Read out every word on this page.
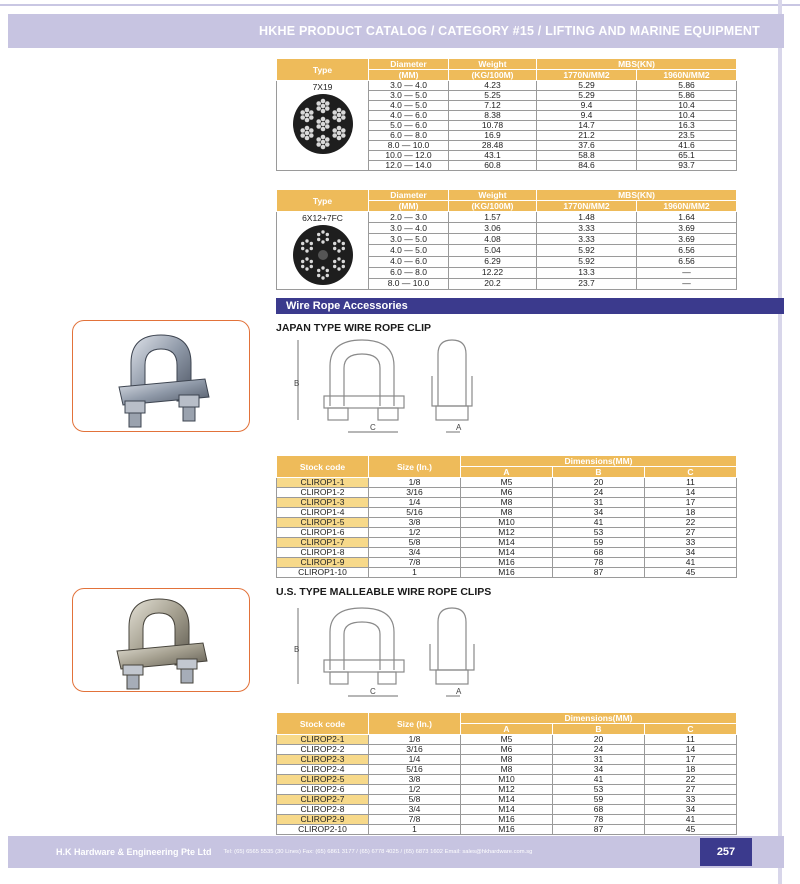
HKHE PRODUCT CATALOG / CATEGORY #15 / LIFTING AND MARINE EQUIPMENT
Type	Diameter	Weight	MBS(KN)	
	(MM)	(KG/100M)	1770N/MM2	1960N/MM2

7X19	3.0 — 4.0	4.23	5.29	5.86
	3.0 — 5.0	5.25	5.29	5.86
	4.0 — 5.0	7.12	9.4	10.4
	4.0 — 6.0	8.38	9.4	10.4
	5.0 — 6.0	10.78	14.7	16.3
	6.0 — 8.0	16.9	21.2	23.5
	8.0 — 10.0	28.48	37.6	41.6
	10.0 — 12.0	43.1	58.8	65.1
	12.0 — 14.0	60.8	84.6	93.7
Type	Diameter	Weight	MBS(KN)	
	(MM)	(KG/100M)	1770N/MM2	1960N/MM2

6X12+7FC	2.0 — 3.0	1.57	1.48	1.64
	3.0 — 4.0	3.06	3.33	3.69
	3.0 — 5.0	4.08	3.33	3.69
	4.0 — 5.0	5.04	5.92	6.56
	4.0 — 6.0	6.29	5.92	6.56
	6.0 — 8.0	12.22	13.3	—
	8.0 — 10.0	20.2	23.7	—
Wire Rope Accessories
JAPAN TYPE WIRE ROPE CLIP
B
C	A
Stock code	Size (In.)	Dimensions(MM)		
		A	B	C
CLIROP1-1	1/8	M5	20	11
CLIROP1-2	3/16	M6	24	14
CLIROP1-3	1/4	M8	31	17
CLIROP1-4	5/16	M8	34	18
CLIROP1-5	3/8	M10	41	22
CLIROP1-6	1/2	M12	53	27
CLIROP1-7	5/8	M14	59	33
CLIROP1-8	3/4	M14	68	34
CLIROP1-9	7/8	M16	78	41
CLIROP1-10	1	M16	87	45
U.S. TYPE MALLEABLE WIRE ROPE CLIPS
B
C	A
Stock code	Size (In.)	Dimensions(MM)		
		A	B	C
CLIROP2-1	1/8	M5	20	11
CLIROP2-2	3/16	M6	24	14
CLIROP2-3	1/4	M8	31	17
CLIROP2-4	5/16	M8	34	18
CLIROP2-5	3/8	M10	41	22
CLIROP2-6	1/2	M12	53	27
CLIROP2-7	5/8	M14	59	33
CLIROP2-8	3/4	M14	68	34
CLIROP2-9	7/8	M16	78	41
CLIROP2-10	1	M16	87	45
H.K Hardware & Engineering Pte Ltd Tel: (65) 6565 5535 (30 Lines) Fax: (65) 6861 3177 / (65) 6778 4025 / (65) 6873 1602 Email: sales@hkhardware.com.sg	257
